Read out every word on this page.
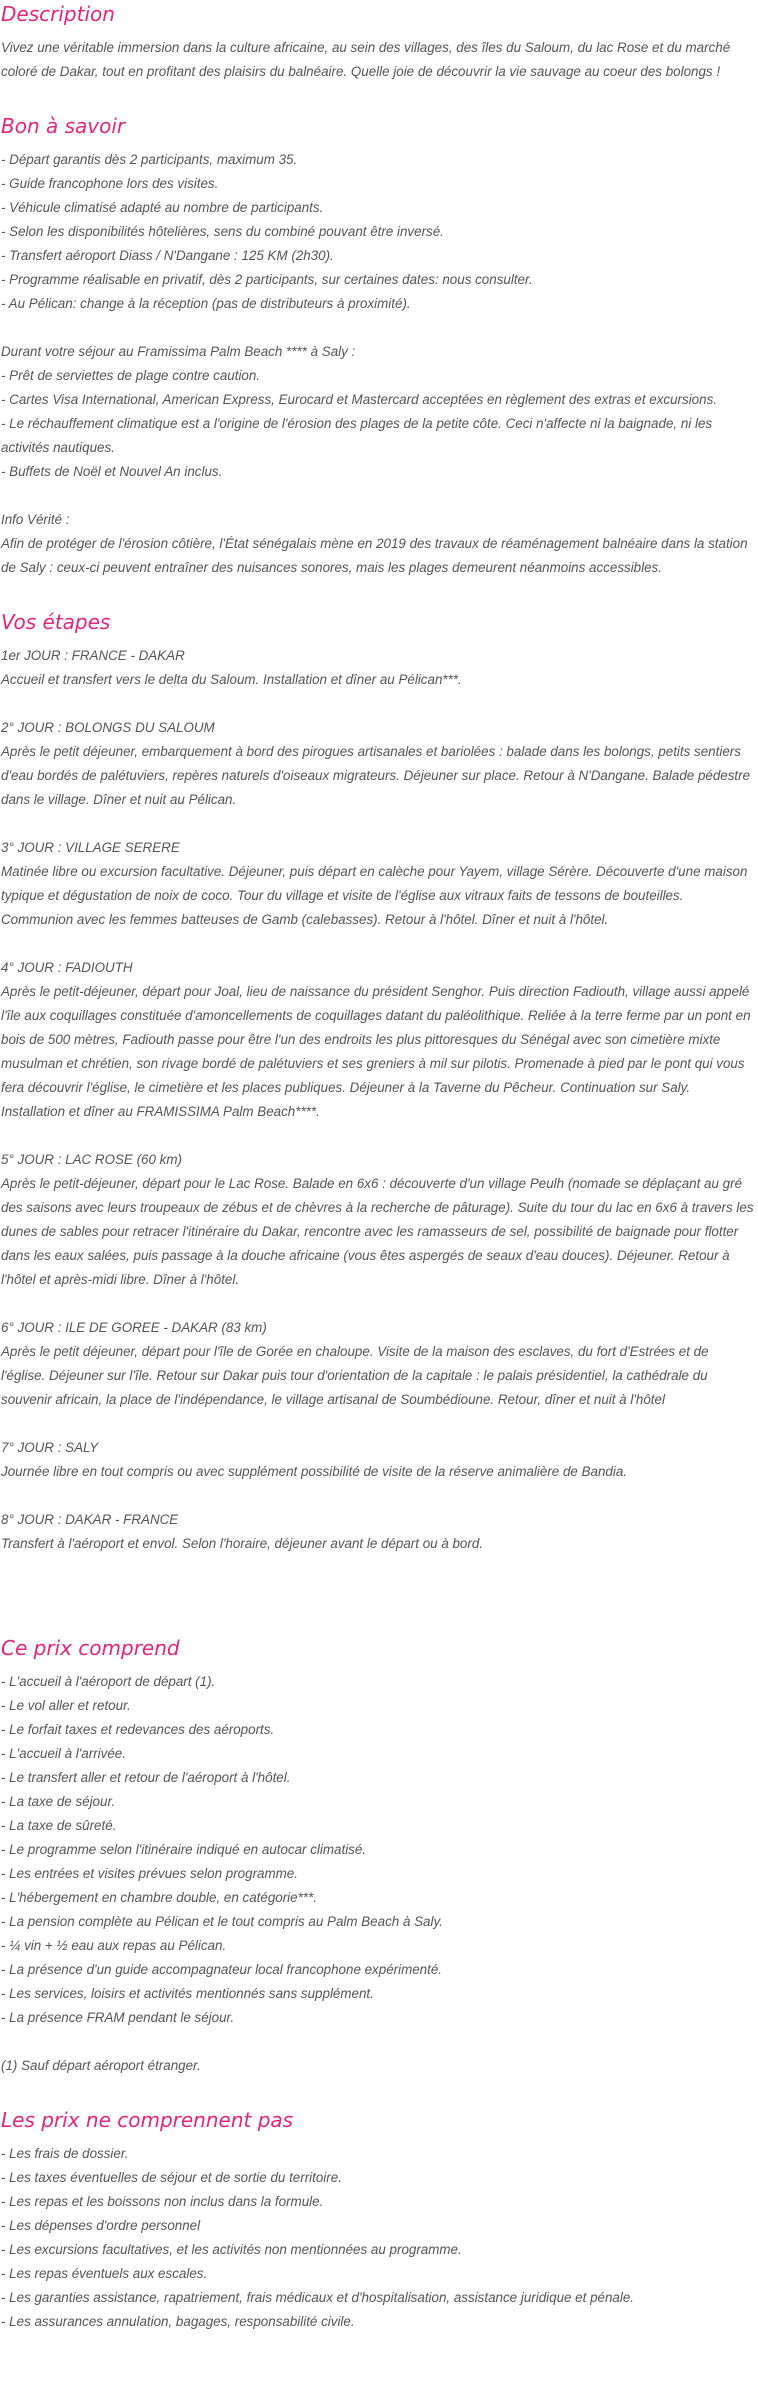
Description

Vivez une véritable immersion dans la culture africaine, au sein des villages, des îles du Saloum, du lac Rose et du marché coloré de Dakar, tout en profitant des plaisirs du balnéaire. Quelle joie de découvrir la vie sauvage au coeur des bolongs !

Bon à savoir
- Départ garantis dès 2 participants, maximum 35.
- Guide francophone lors des visites.
- Véhicule climatisé adapté au nombre de participants.
- Selon les disponibilités hôtelières, sens du combiné pouvant être inversé.
- Transfert aéroport Diass / N'Dangane : 125 KM (2h30).
- Programme réalisable en privatif, dès 2 participants, sur certaines dates: nous consulter.
- Au Pélican: change à la réception (pas de distributeurs à proximité).
Durant votre séjour au Framissima Palm Beach **** à Saly :
- Prêt de serviettes de plage contre caution.
- Cartes Visa International, American Express, Eurocard et Mastercard acceptées en règlement des extras et excursions.
- Le réchauffement climatique est a l'origine de l'érosion des plages de la petite côte. Ceci n'affecte ni la baignade, ni les activités nautiques.
- Buffets de Noël et Nouvel An inclus.
Info Vérité :
Afin de protéger de l'érosion côtière, l'État sénégalais mène en 2019 des travaux de réaménagement balnéaire dans la station de Saly : ceux-ci peuvent entraîner des nuisances sonores, mais les plages demeurent néanmoins accessibles.
Vos étapes
1er JOUR : FRANCE - DAKAR
Accueil et transfert vers le delta du Saloum. Installation et dîner au Pélican***.
2° JOUR : BOLONGS DU SALOUM
Après le petit déjeuner, embarquement à bord des pirogues artisanales et bariolées : balade dans les bolongs, petits sentiers d'eau bordés de palétuviers, repères naturels d'oiseaux migrateurs. Déjeuner sur place. Retour à N'Dangane. Balade pédestre dans le village. Dîner et nuit au Pélican.
3° JOUR : VILLAGE SERERE
Matinée libre ou excursion facultative. Déjeuner, puis départ en calèche pour Yayem, village Sérère. Découverte d'une maison typique et dégustation de noix de coco. Tour du village et visite de l'église aux vitraux faits de tessons de bouteilles. Communion avec les femmes batteuses de Gamb (calebasses). Retour à l'hôtel. Dîner et nuit à l'hôtel.
4° JOUR : FADIOUTH
Après le petit-déjeuner, départ pour Joal, lieu de naissance du président Senghor. Puis direction Fadiouth, village aussi appelé l'île aux coquillages constituée d'amoncellements de coquillages datant du paléolithique. Reliée à la terre ferme par un pont en bois de 500 mètres, Fadiouth passe pour être l'un des endroits les plus pittoresques du Sénégal avec son cimetière mixte musulman et chrétien, son rivage bordé de palétuviers et ses greniers à mil sur pilotis. Promenade à pied par le pont qui vous fera découvrir l'église, le cimetière et les places publiques. Déjeuner à la Taverne du Pêcheur. Continuation sur Saly. Installation et dîner au FRAMISSIMA Palm Beach****.
5° JOUR : LAC ROSE (60 km)
Après le petit-déjeuner, départ pour le Lac Rose. Balade en 6x6 : découverte d'un village Peulh (nomade se déplaçant au gré des saisons avec leurs troupeaux de zébus et de chèvres à la recherche de pâturage). Suite du tour du lac en 6x6 à travers les dunes de sables pour retracer l'itinéraire du Dakar, rencontre avec les ramasseurs de sel, possibilité de baignade pour flotter dans les eaux salées, puis passage à la douche africaine (vous êtes aspergés de seaux d'eau douces). Déjeuner. Retour à l'hôtel et après-midi libre. Dîner à l'hôtel.
6° JOUR : ILE DE GOREE - DAKAR (83 km)
Après le petit déjeuner, départ pour l'île de Gorée en chaloupe. Visite de la maison des esclaves, du fort d'Estrées et de l'église. Déjeuner sur l'île. Retour sur Dakar puis tour d'orientation de la capitale : le palais présidentiel, la cathédrale du souvenir africain, la place de l'indépendance, le village artisanal de Soumbédioune. Retour, dîner et nuit à l'hôtel
7° JOUR : SALY
Journée libre en tout compris ou avec supplément possibilité de visite de la réserve animalière de Bandia.
8° JOUR : DAKAR - FRANCE
Transfert à l'aéroport et envol. Selon l'horaire, déjeuner avant le départ ou à bord.
Ce prix comprend
- L'accueil à l'aéroport de départ (1).
- Le vol aller et retour.
- Le forfait taxes et redevances des aéroports.
- L'accueil à l'arrivée.
- Le transfert aller et retour de l'aéroport à l'hôtel.
- La taxe de séjour.
- La taxe de sûreté.
- Le programme selon l'itinéraire indiqué en autocar climatisé.
- Les entrées et visites prévues selon programme.
- L'hébergement en chambre double, en catégorie***.
- La pension complète au Pélican et le tout compris au Palm Beach à Saly.
- ¼ vin + ½ eau aux repas au Pélican.
- La présence d'un guide accompagnateur local francophone expérimenté.
- Les services, loisirs et activités mentionnés sans supplément.
- La présence FRAM pendant le séjour.
(1) Sauf départ aéroport étranger.
Les prix ne comprennent pas
- Les frais de dossier.
- Les taxes éventuelles de séjour et de sortie du territoire.
- Les repas et les boissons non inclus dans la formule.
- Les dépenses d'ordre personnel
- Les excursions facultatives, et les activités non mentionnées au programme.
- Les repas éventuels aux escales.
- Les garanties assistance, rapatriement, frais médicaux et d'hospitalisation, assistance juridique et pénale.
- Les assurances annulation, bagages, responsabilité civile.
